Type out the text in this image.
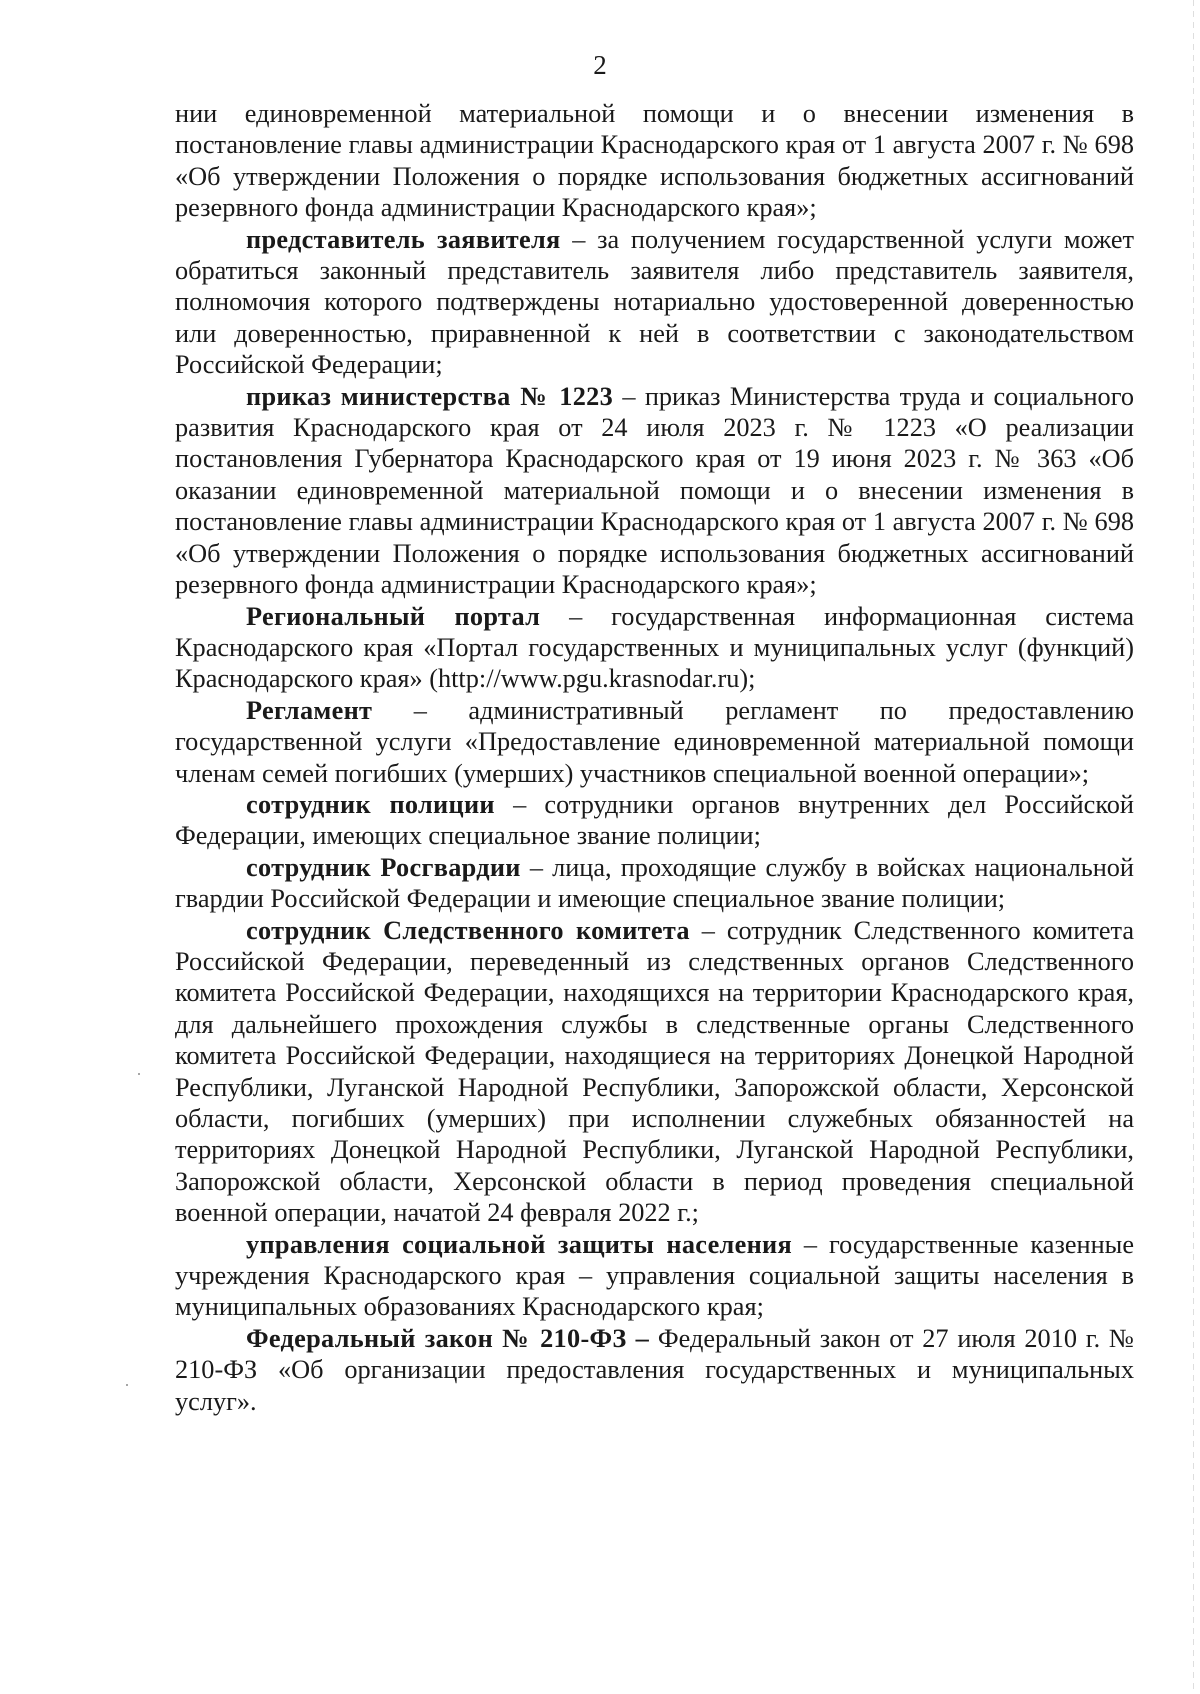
2

нии единовременной материальной помощи и о внесении изменения в постановление главы администрации Краснодарского края от 1 августа 2007 г. № 698 «Об утверждении Положения о порядке использования бюджетных ассигнований резервного фонда администрации Краснодарского края»;

представитель заявителя – за получением государственной услуги может обратиться законный представитель заявителя либо представитель заявителя, полномочия которого подтверждены нотариально удостоверенной доверенностью или доверенностью, приравненной к ней в соответствии с законодательством Российской Федерации;

приказ министерства № 1223 – приказ Министерства труда и социального развития Краснодарского края от 24 июля 2023 г. № 1223 «О реализации постановления Губернатора Краснодарского края от 19 июня 2023 г. № 363 «Об оказании единовременной материальной помощи и о внесении изменения в постановление главы администрации Краснодарского края от 1 августа 2007 г. № 698 «Об утверждении Положения о порядке использования бюджетных ассигнований резервного фонда администрации Краснодарского края»;

Региональный портал – государственная информационная система Краснодарского края «Портал государственных и муниципальных услуг (функций) Краснодарского края» (http://www.pgu.krasnodar.ru);

Регламент – административный регламент по предоставлению государственной услуги «Предоставление единовременной материальной помощи членам семей погибших (умерших) участников специальной военной операции»;

сотрудник полиции – сотрудники органов внутренних дел Российской Федерации, имеющих специальное звание полиции;

сотрудник Росгвардии – лица, проходящие службу в войсках национальной гвардии Российской Федерации и имеющие специальное звание полиции;

сотрудник Следственного комитета – сотрудник Следственного комитета Российской Федерации, переведенный из следственных органов Следственного комитета Российской Федерации, находящихся на территории Краснодарского края, для дальнейшего прохождения службы в следственные органы Следственного комитета Российской Федерации, находящиеся на территориях Донецкой Народной Республики, Луганской Народной Республики, Запорожской области, Херсонской области, погибших (умерших) при исполнении служебных обязанностей на территориях Донецкой Народной Республики, Луганской Народной Республики, Запорожской области, Херсонской области в период проведения специальной военной операции, начатой 24 февраля 2022 г.;

управления социальной защиты населения – государственные казенные учреждения Краснодарского края – управления социальной защиты населения в муниципальных образованиях Краснодарского края;

Федеральный закон № 210-ФЗ – Федеральный закон от 27 июля 2010 г. № 210-ФЗ «Об организации предоставления государственных и муниципальных услуг».
